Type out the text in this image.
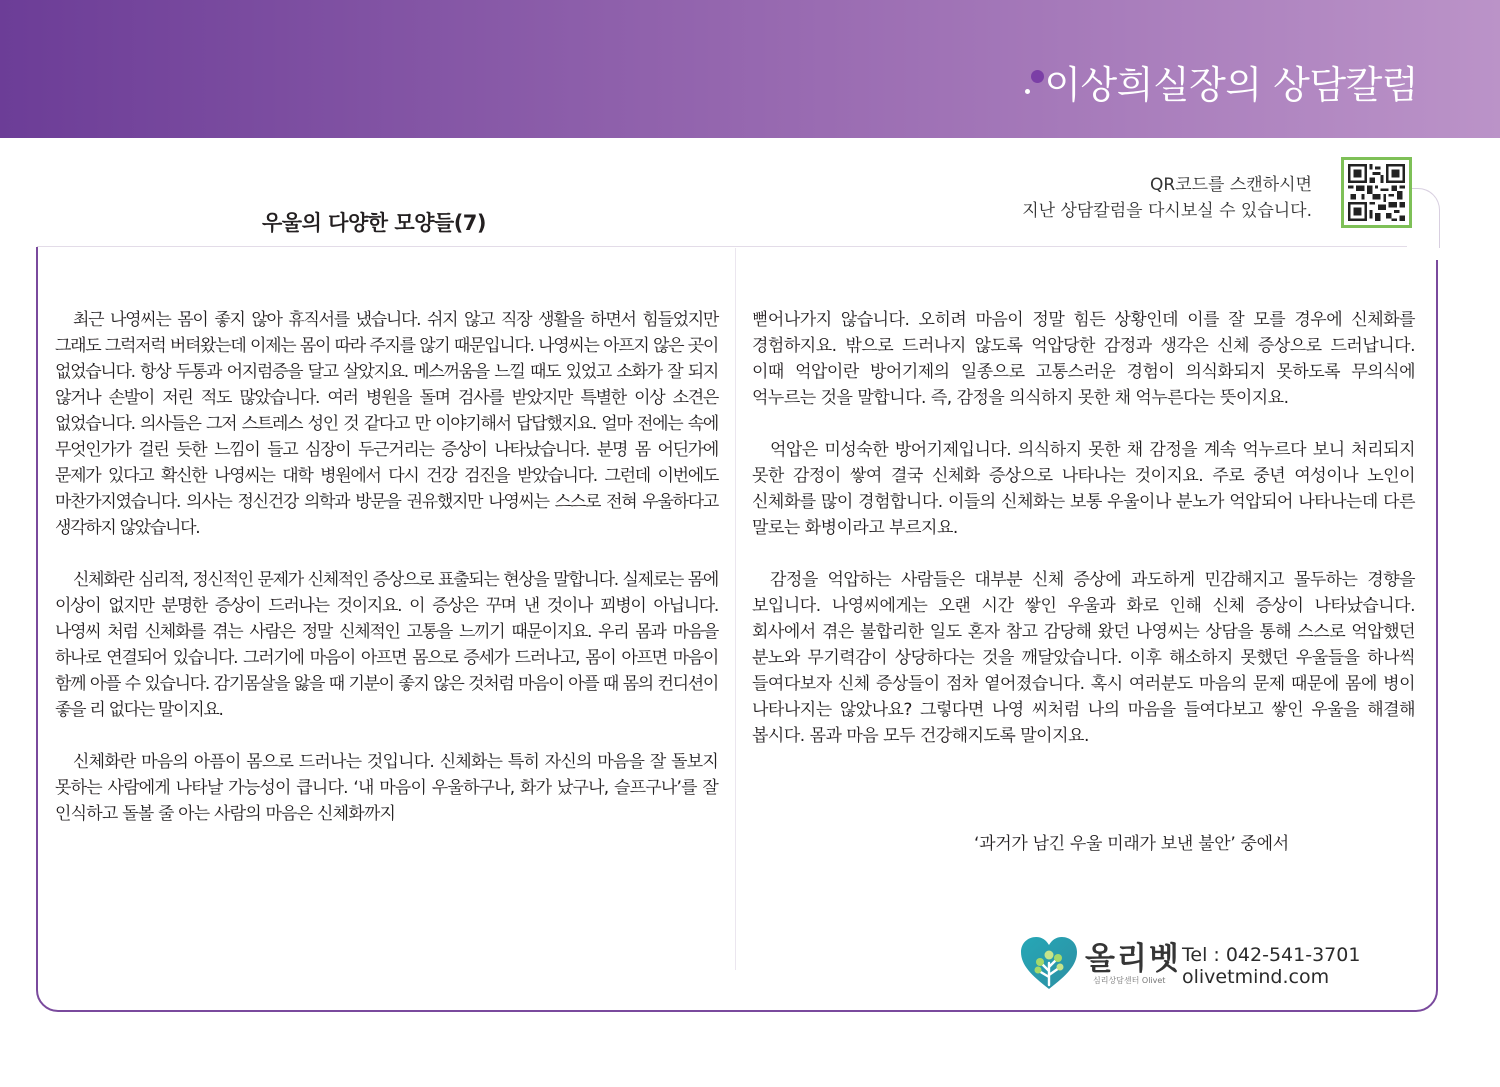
이상희실장의 상담칼럼
우울의 다양한 모양들(7)
QR코드를 스캔하시면
지난 상담칼럼을 다시보실 수 있습니다.

최근 나영씨는 몸이 좋지 않아 휴직서를 냈습니다. 쉬지 않고 직장 생활을 하면서 힘들었지만 그래도 그럭저럭 버텨왔는데 이제는 몸이 따라 주지를 않기 때문입니다. 나영씨는 아프지 않은 곳이 없었습니다. 항상 두통과 어지럼증을 달고 살았지요. 메스꺼움을 느낄 때도 있었고 소화가 잘 되지 않거나 손발이 저린 적도 많았습니다. 여러 병원을 돌며 검사를 받았지만 특별한 이상 소견은 없었습니다. 의사들은 그저 스트레스 성인 것 같다고 만 이야기해서 답답했지요. 얼마 전에는 속에 무엇인가가 걸린 듯한 느낌이 들고 심장이 두근거리는 증상이 나타났습니다. 분명 몸 어딘가에 문제가 있다고 확신한 나영씨는 대학 병원에서 다시 건강 검진을 받았습니다. 그런데 이번에도 마찬가지였습니다. 의사는 정신건강 의학과 방문을 권유했지만 나영씨는 스스로 전혀 우울하다고 생각하지 않았습니다.

신체화란 심리적, 정신적인 문제가 신체적인 증상으로 표출되는 현상을 말합니다. 실제로는 몸에 이상이 없지만 분명한 증상이 드러나는 것이지요. 이 증상은 꾸며 낸 것이나 꾀병이 아닙니다. 나영씨 처럼 신체화를 겪는 사람은 정말 신체적인 고통을 느끼기 때문이지요. 우리 몸과 마음을 하나로 연결되어 있습니다. 그러기에 마음이 아프면 몸으로 증세가 드러나고, 몸이 아프면 마음이 함께 아플 수 있습니다. 감기몸살을 앓을 때 기분이 좋지 않은 것처럼 마음이 아플 때 몸의 컨디션이 좋을 리 없다는 말이지요.

신체화란 마음의 아픔이 몸으로 드러나는 것입니다. 신체화는 특히 자신의 마음을 잘 돌보지 못하는 사람에게 나타날 가능성이 큽니다. ‘내 마음이 우울하구나, 화가 났구나, 슬프구나’를 잘 인식하고 돌볼 줄 아는 사람의 마음은 신체화까지

뻗어나가지 않습니다. 오히려 마음이 정말 힘든 상황인데 이를 잘 모를 경우에 신체화를 경험하지요. 밖으로 드러나지 않도록 억압당한 감정과 생각은 신체 증상으로 드러납니다. 이때 억압이란 방어기제의 일종으로 고통스러운 경험이 의식화되지 못하도록 무의식에 억누르는 것을 말합니다. 즉, 감정을 의식하지 못한 채 억누른다는 뜻이지요.

억압은 미성숙한 방어기제입니다. 의식하지 못한 채 감정을 계속 억누르다 보니 처리되지 못한 감정이 쌓여 결국 신체화 증상으로 나타나는 것이지요. 주로 중년 여성이나 노인이 신체화를 많이 경험합니다. 이들의 신체화는 보통 우울이나 분노가 억압되어 나타나는데 다른 말로는 화병이라고 부르지요.

감정을 억압하는 사람들은 대부분 신체 증상에 과도하게 민감해지고 몰두하는 경향을 보입니다. 나영씨에게는 오랜 시간 쌓인 우울과 화로 인해 신체 증상이 나타났습니다. 회사에서 겪은 불합리한 일도 혼자 참고 감당해 왔던 나영씨는 상담을 통해 스스로 억압했던 분노와 무기력감이 상당하다는 것을 깨달았습니다. 이후 해소하지 못했던 우울들을 하나씩 들여다보자 신체 증상들이 점차 옅어졌습니다. 혹시 여러분도 마음의 문제 때문에 몸에 병이 나타나지는 않았나요? 그렇다면 나영 씨처럼 나의 마음을 들여다보고 쌓인 우울을 해결해 봅시다. 몸과 마음 모두 건강해지도록 말이지요.

‘과거가 남긴 우울 미래가 보낸 불안’ 중에서
올리벳
심리상담센터 Olivet
Tel : 042-541-3701
olivetmind.com
